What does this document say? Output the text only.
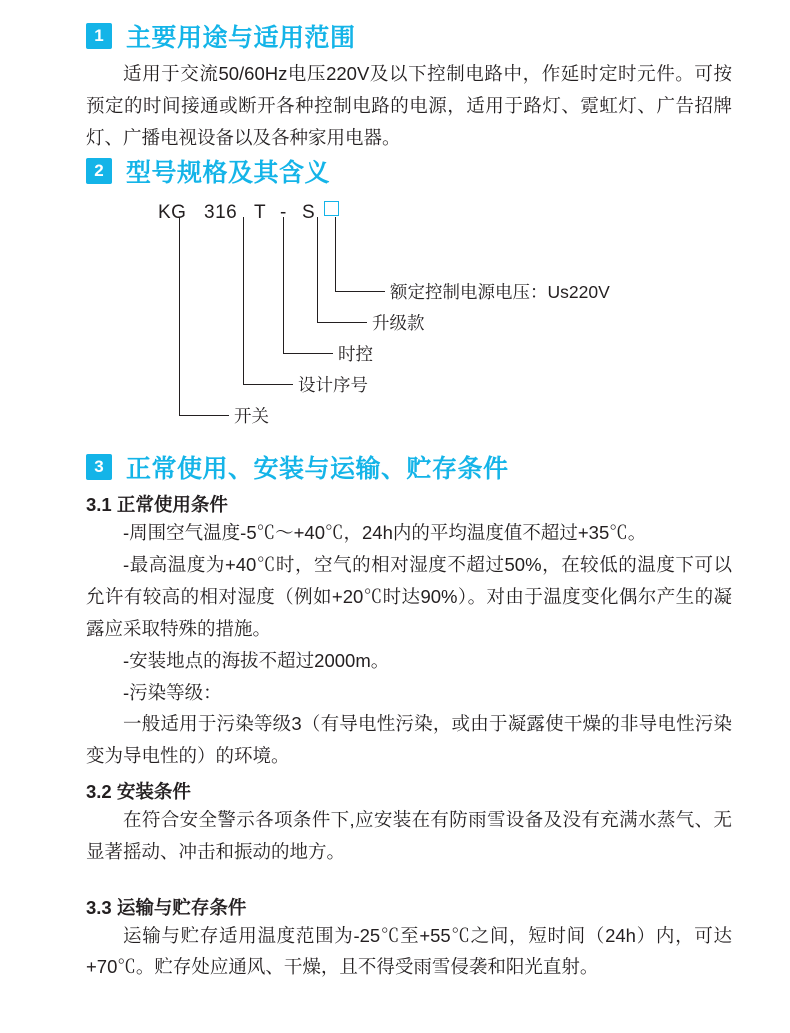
1 主要用途与适用范围

适用于交流50/60Hz电压220V及以下控制电路中，作延时定时元件。可按预定的时间接通或断开各种控制电路的电源，适用于路灯、霓虹灯、广告招牌灯、广播电视设备以及各种家用电器。

2 型号规格及其含义
KG 316 T - S
额定控制电源电压：Us220V
升级款
时控
设计序号
开关
3 正常使用、安装与运输、贮存条件
3.1 正常使用条件

-周围空气温度-5℃～+40℃，24h内的平均温度值不超过+35℃。

-最高温度为+40℃时，空气的相对湿度不超过50%，在较低的温度下可以允许有较高的相对湿度（例如+20℃时达90%）。对由于温度变化偶尔产生的凝露应采取特殊的措施。

-安装地点的海拔不超过2000m。

-污染等级：

一般适用于污染等级3（有导电性污染，或由于凝露使干燥的非导电性污染变为导电性的）的环境。

3.2 安装条件

在符合安全警示各项条件下,应安装在有防雨雪设备及没有充满水蒸气、无显著摇动、冲击和振动的地方。

3.3 运输与贮存条件

运输与贮存适用温度范围为-25℃至+55℃之间，短时间（24h）内，可达+70℃。贮存处应通风、干燥，且不得受雨雪侵袭和阳光直射。
